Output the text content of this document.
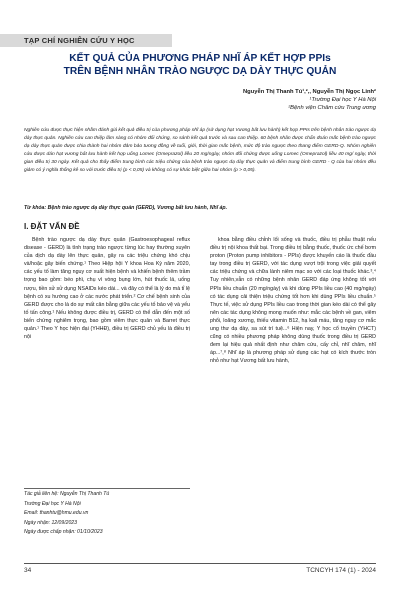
TẠP CHÍ NGHIÊN CỨU Y HỌC
KẾT QUẢ CỦA PHƯƠNG PHÁP NHĨ ÁP KẾT HỢP PPIs
TRÊN BỆNH NHÂN TRÀO NGƯỢC DẠ DÀY THỰC QUẢN
Nguyễn Thị Thanh Tú¹,²,, Nguyễn Thị Ngọc Linh²
¹Trường Đại học Y Hà Nội
²Bệnh viện Châm cứu Trung ương

Nghiên cứu được thực hiện nhằm đánh giá kết quả điều trị của phương pháp nhĩ áp (sử dụng hạt Vương bất lưu hành) kết hợp PPIs trên bệnh nhân trào ngược dạ dày thực quản. Nghiên cứu can thiệp lâm sàng có nhóm đối chứng, so sánh kết quả trước và sau can thiệp. 60 bệnh nhân được chẩn đoán mắc bệnh trào ngược dạ dày thực quản được chia thành hai nhóm đảm bảo tương đồng về tuổi, giới, thời gian mắc bệnh, mức độ trào ngược theo thang điểm GERD-Q. Nhóm nghiên cứu được dán hạt vương bất lưu hành kết hợp uống Lomec (Omeprazol) liều 20 mg/ngày, nhóm đối chứng được uống Lomec (Omeprazol) liều 40 mg/ ngày, thời gian điều trị 30 ngày. Kết quả cho thấy điểm trung bình các triệu chứng của bệnh trào ngược dạ dày thực quản và điểm trung bình GERD - Q của hai nhóm đều giảm có ý nghĩa thống kê so với trước điều trị (p < 0,05) và không có sự khác biệt giữa hai nhóm (p > 0,05).

Từ khóa: Bệnh trào ngược dạ dày thực quản (GERD), Vương bất lưu hành, Nhĩ áp.

I. ĐẶT VẤN ĐỀ

Bệnh trào ngược dạ dày thực quản (Gastroesophageal reflux disease - GERD) là tình trạng trào ngược từng lúc hay thường xuyên của dịch dạ dày lên thực quản, gây ra các triệu chứng khó chịu và/hoặc gây biến chứng.¹ Theo Hiệp hội Y khoa Hoa Kỳ năm 2020, các yếu tố làm tăng nguy cơ xuất hiện bệnh và khiến bệnh thêm trầm trọng bao gồm: béo phì, chụ vì vòng bụng lớn, hút thuốc lá, uống rượu, tiền sử sử dụng NSAIDs kéo dài... và đây có thể là lý do mà tỉ lệ bệnh có xu hướng cao ở các nước phát triển.² Cơ chế bệnh sinh của GERD được cho là do sự mất cân bằng giữa các yếu tố bảo vệ và yếu tố tấn công.¹ Nếu không được điều trị, GERD có thể dẫn đến một số biến chứng nghiêm trọng, bao gồm viêm thực quản và Barret thực quản.¹ Theo Y học hiện đại (YHHĐ), điều trị GERD chủ yếu là điều trị nội

khoa bằng điều chỉnh lối sống và thuốc, điều trị phẫu thuật nếu điều trị nội khoa thất bại. Trong điều trị bằng thuốc, thuốc ức chế bơm proton (Proton pump inhibitors - PPIs) được khuyến cáo là thuốc đầu tay trong điều trị GERD, với tác dụng vượt trội trong việc giải quyết các triệu chứng và chữa lành niêm mạc so với các loại thuốc khác.³,⁴ Tuy nhiên,vẫn có những bệnh nhân GERD đáp ứng không tốt với PPIs liều chuẩn (20 mg/ngày) và khi dùng PPIs liều cao (40 mg/ngày) có tác dụng cải thiện triệu chứng tốt hơn khi dùng PPIs liều chuẩn.⁵ Thực tế, việc sử dụng PPIs liều cao trong thời gian kéo dài có thể gây nên các tác dụng không mong muốn như: mắc các bệnh về gan, viêm phổi, loãng xương, thiếu vitamin B12, hạ kali máu, tăng nguy cơ mắc ung thư dạ dày, sa sút trí tuệ...⁶ Hiện nay, Y học cổ truyền (YHCT) cũng có nhiều phương pháp không dùng thuốc trong điều trị GERD đem lại hiệu quả nhất định như châm cứu, cấy chỉ, nhĩ châm, nhĩ áp...⁷,⁸ Nhĩ áp là phương pháp sử dụng các hạt có kích thước tròn nhỏ như hạt Vương bất lưu hành,

Tác giả liên hệ: Nguyễn Thị Thanh Tú
Trường Đại học Y Hà Nội
Email: thanhtu@hmu.edu.vn
Ngày nhận: 12/09/2023
Ngày được chấp nhận: 01/10/2023
34	TCNCYH 174 (1) - 2024
